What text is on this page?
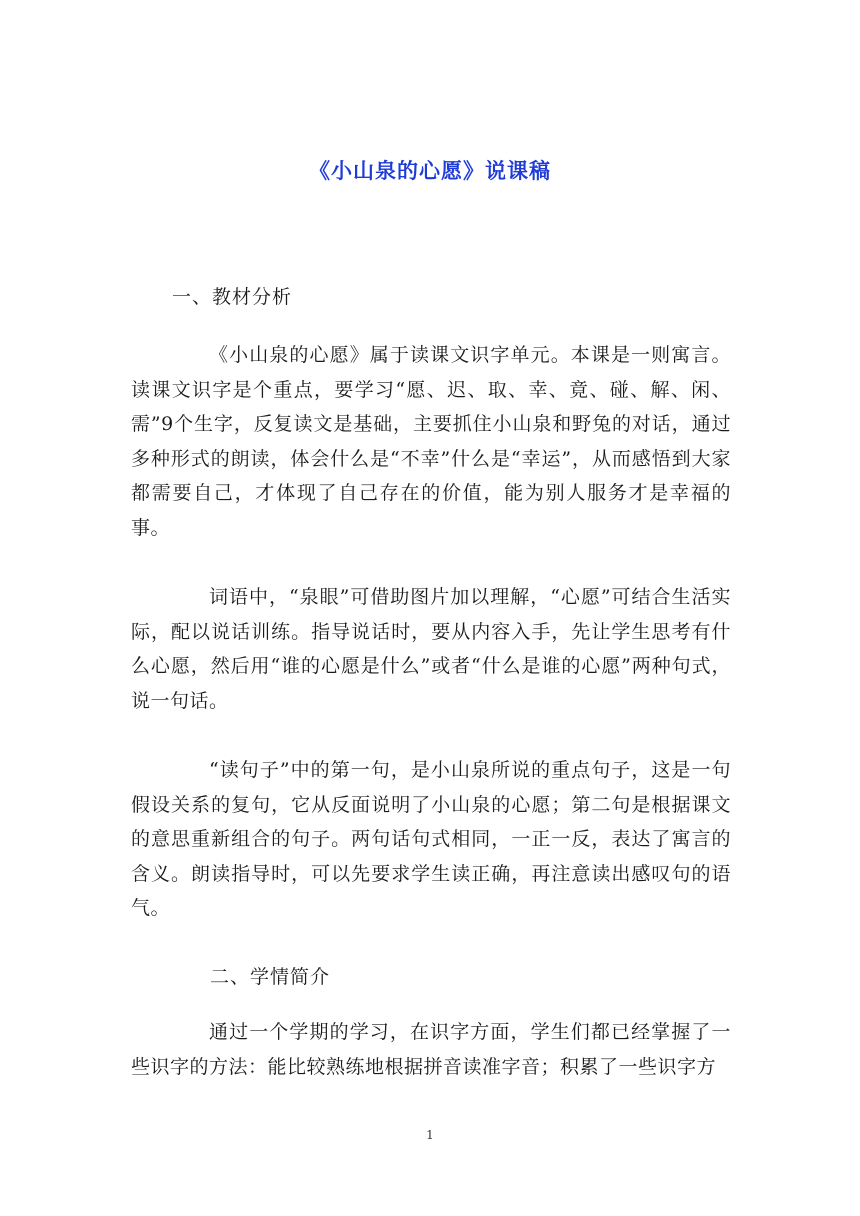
《小山泉的心愿》说课稿
一、教材分析
《小山泉的心愿》属于读课文识字单元。本课是一则寓言。读课文识字是个重点，要学习“愿、迟、取、幸、竟、碰、解、闲、需”9个生字，反复读文是基础，主要抓住小山泉和野兔的对话，通过多种形式的朗读，体会什么是“不幸”什么是“幸运”，从而感悟到大家都需要自己，才体现了自己存在的价值，能为别人服务才是幸福的事。
词语中，“泉眼”可借助图片加以理解，“心愿”可结合生活实际，配以说话训练。指导说话时，要从内容入手，先让学生思考有什么心愿，然后用“谁的心愿是什么”或者“什么是谁的心愿”两种句式，说一句话。
“读句子”中的第一句，是小山泉所说的重点句子，这是一句假设关系的复句，它从反面说明了小山泉的心愿；第二句是根据课文的意思重新组合的句子。两句话句式相同，一正一反，表达了寓言的含义。朗读指导时，可以先要求学生读正确，再注意读出感叹句的语气。
二、学情简介
通过一个学期的学习，在识字方面，学生们都已经掌握了一些识字的方法：能比较熟练地根据拼音读准字音；积累了一些识字方
1
